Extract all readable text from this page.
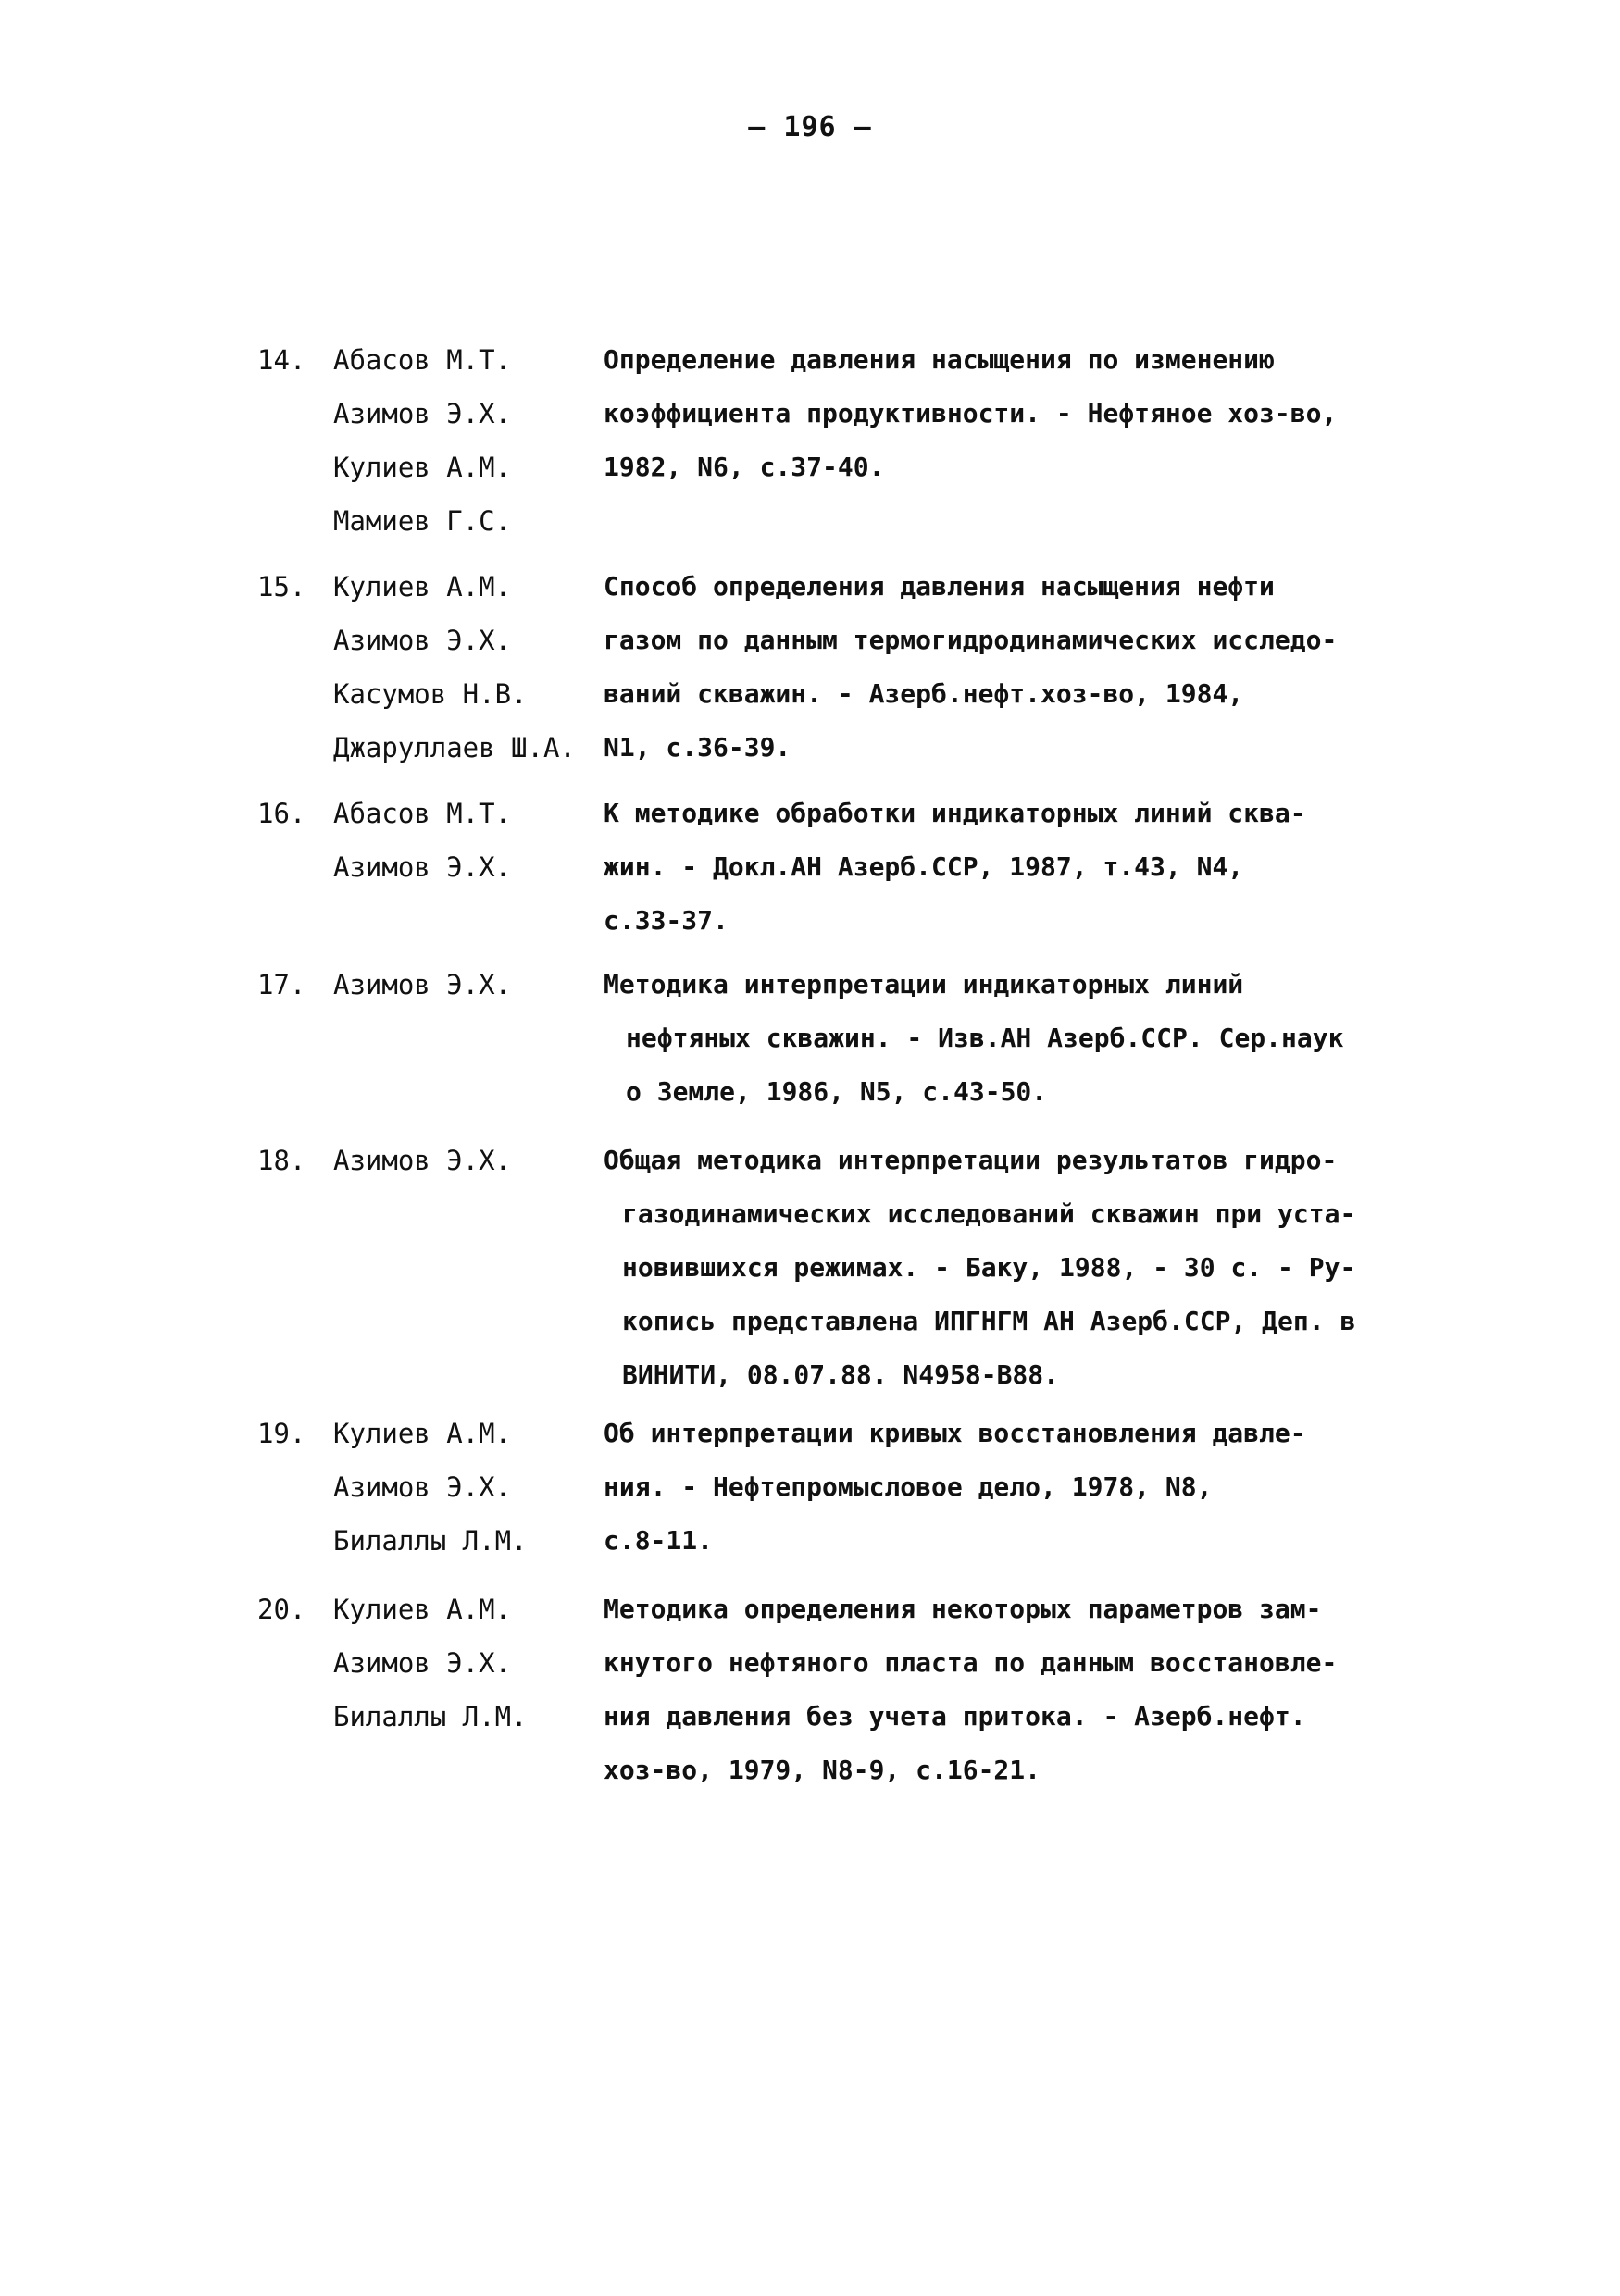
— 196 —
14. Абасов М.Т.
Азимов Э.Х.
Кулиев А.М.
Мамиев Г.С.
Определение давления насыщения по изменению
коэффициента продуктивности. - Нефтяное хоз-во,
1982, N6, с.37-40.
15. Кулиев А.М.
Азимов Э.Х.
Касумов Н.В.
Джаруллаев Ш.А.
Способ определения давления насыщения нефти
газом по данным термогидродинамических исследо-
ваний скважин. - Азерб.нефт.хоз-во, 1984,
N1, с.36-39.
16. Абасов М.Т.
Азимов Э.Х.
К методике обработки индикаторных линий сква-
жин. - Докл.АН Азерб.ССР, 1987, т.43, N4,
с.33-37.
17. Азимов Э.Х.	Методика интерпретации индикаторных линий
нефтяных скважин. - Изв.АН Азерб.ССР. Сер.наук
о Земле, 1986, N5, с.43-50.
18. Азимов Э.Х.	Общая методика интерпретации результатов гидро-
газодинамических исследований скважин при уста-
новившихся режимах. - Баку, 1988, - 30 с. - Ру-
копись представлена ИПГНГМ АН Азерб.ССР, Деп. в
ВИНИТИ, 08.07.88. N4958-В88.
19. Кулиев А.М.
Азимов Э.Х.
Билаллы Л.М.
Об интерпретации кривых восстановления давле-
ния. - Нефтепромысловое дело, 1978, N8,
с.8-11.
20. Кулиев А.М.
Азимов Э.Х.
Билаллы Л.М.
Методика определения некоторых параметров зам-
кнутого нефтяного пласта по данным восстановле-
ния давления без учета притока. - Азерб.нефт.
хоз-во, 1979, N8-9, с.16-21.
